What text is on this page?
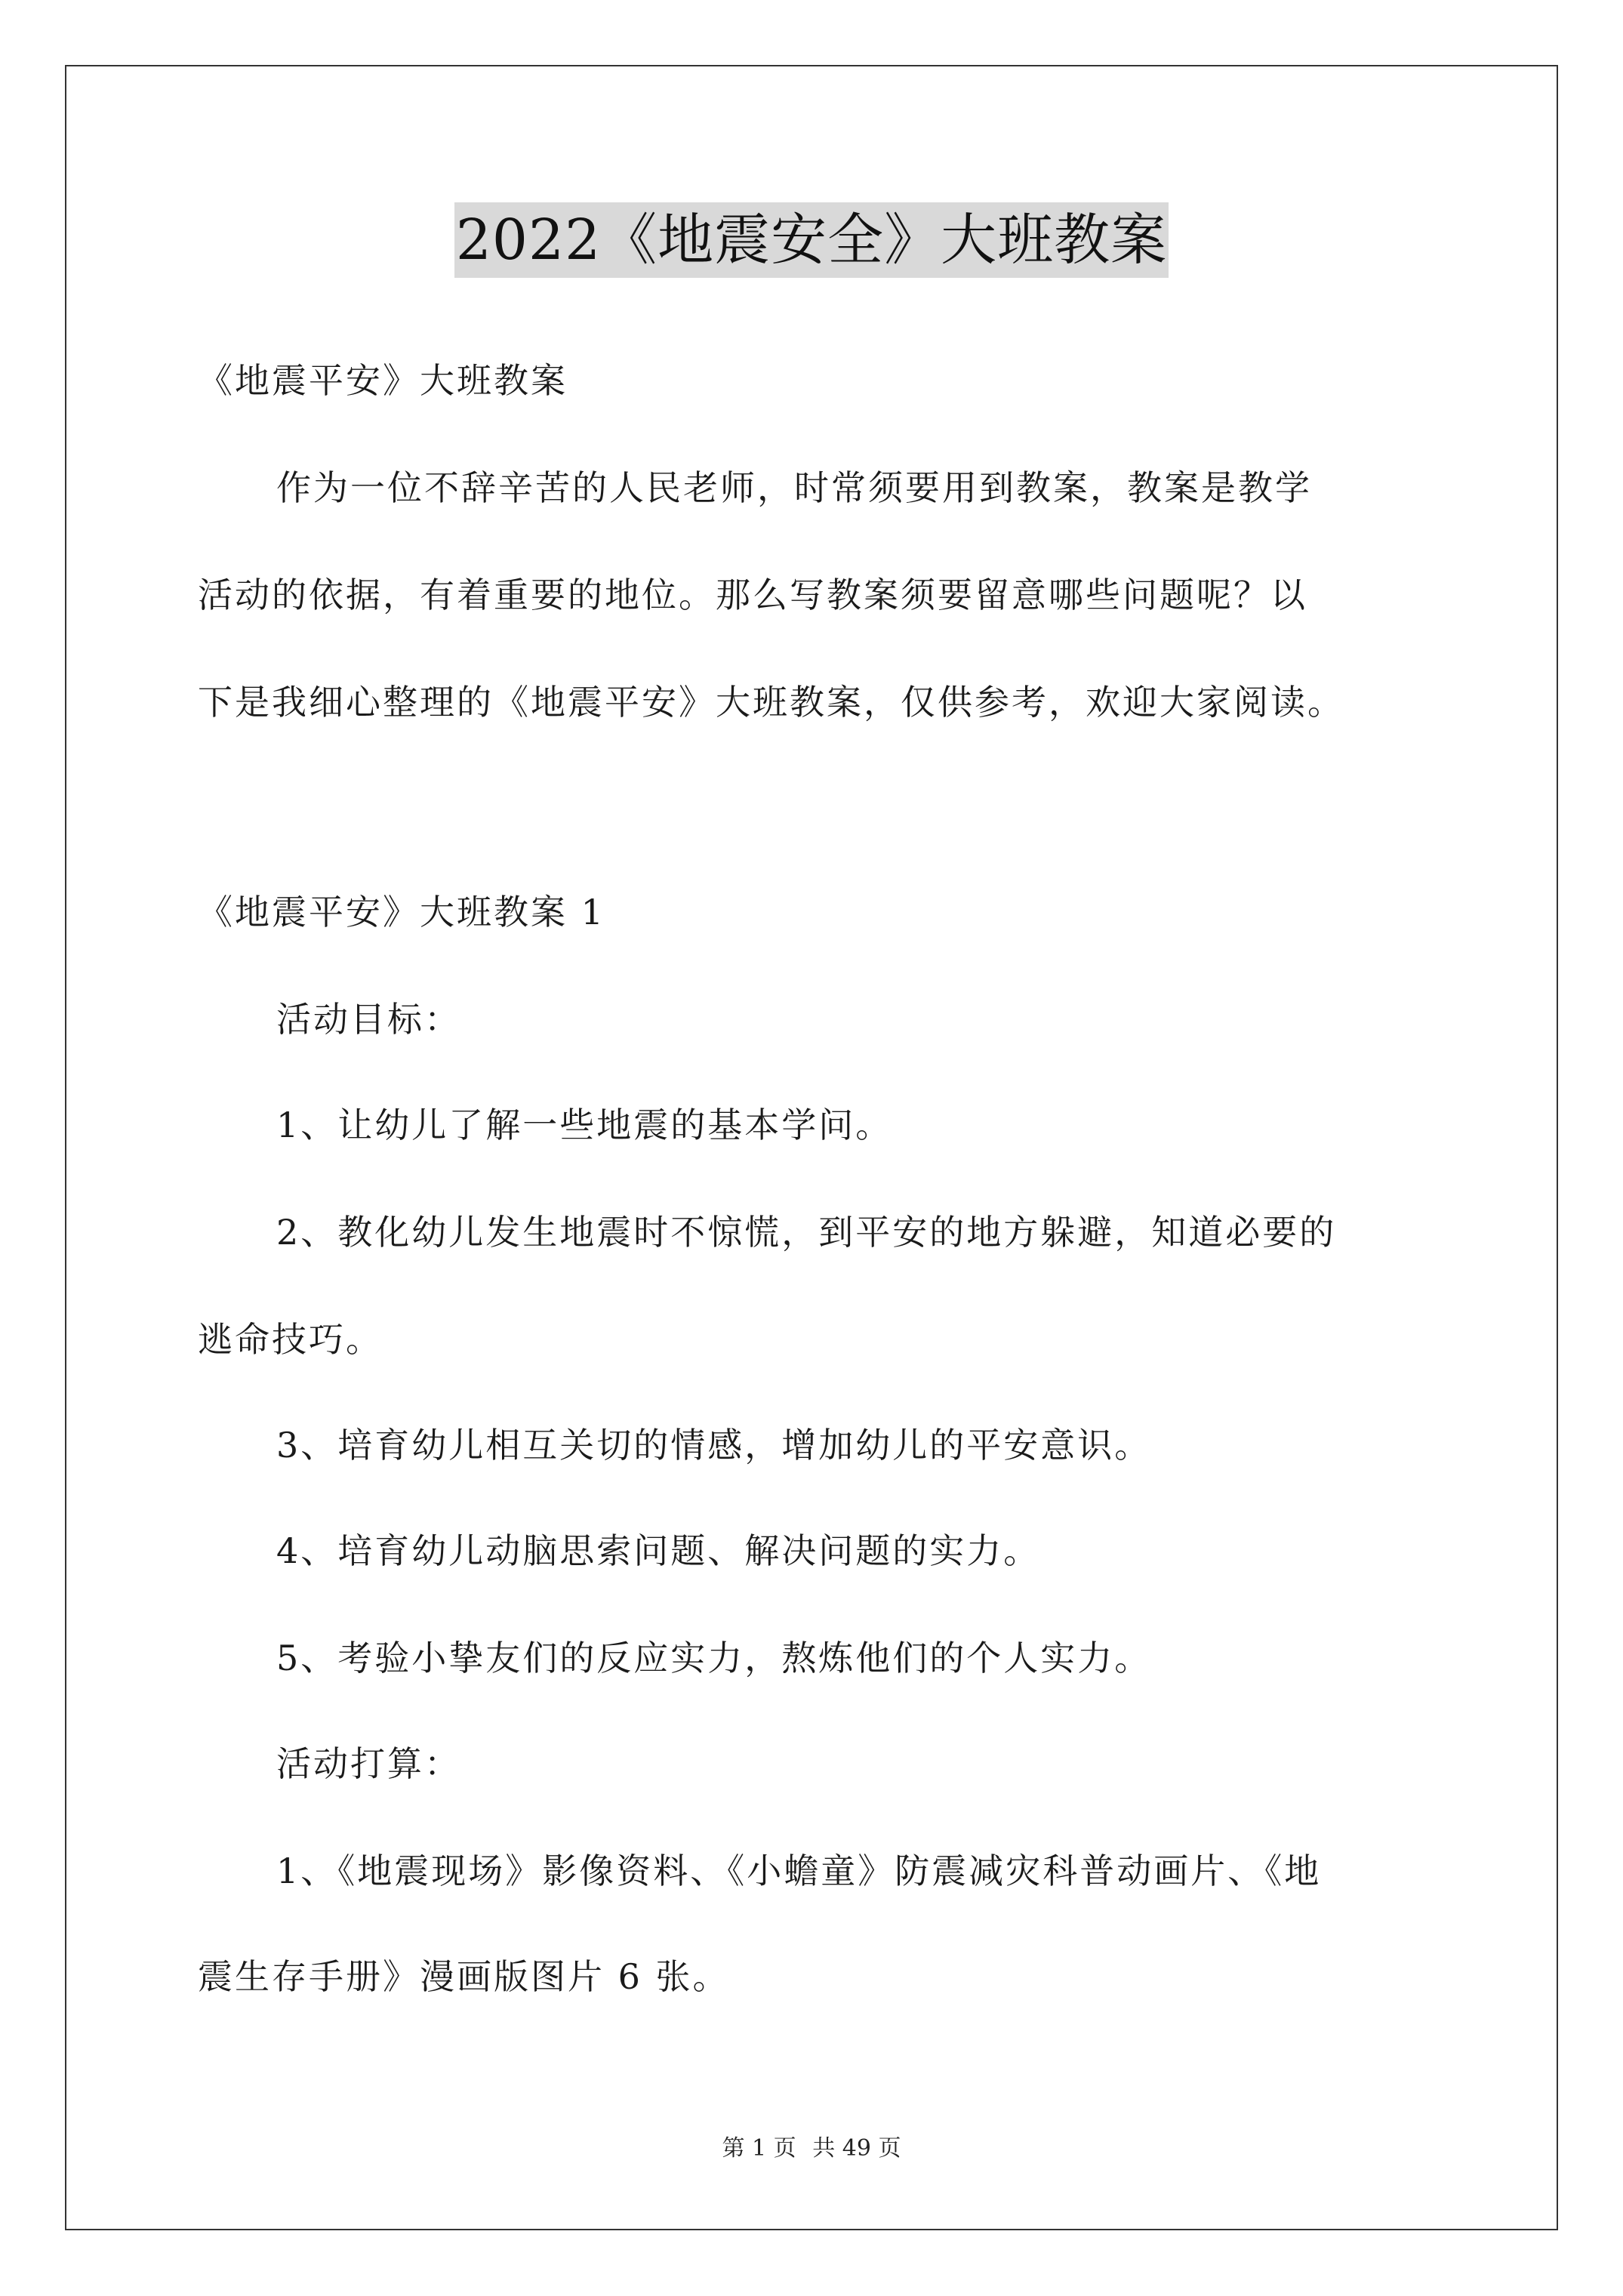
2022《地震安全》大班教案
《地震平安》大班教案
作为一位不辞辛苦的人民老师，时常须要用到教案，教案是教学
活动的依据，有着重要的地位。那么写教案须要留意哪些问题呢？以
下是我细心整理的《地震平安》大班教案，仅供参考，欢迎大家阅读。
《地震平安》大班教案 1
活动目标：
1、让幼儿了解一些地震的基本学问。
2、教化幼儿发生地震时不惊慌，到平安的地方躲避，知道必要的
逃命技巧。
3、培育幼儿相互关切的情感，增加幼儿的平安意识。
4、培育幼儿动脑思索问题、解决问题的实力。
5、考验小挚友们的反应实力，熬炼他们的个人实力。
活动打算：
1、《地震现场》影像资料、《小蟾童》防震减灾科普动画片、《地
震生存手册》漫画版图片 6 张。
第 1 页 共 49 页
